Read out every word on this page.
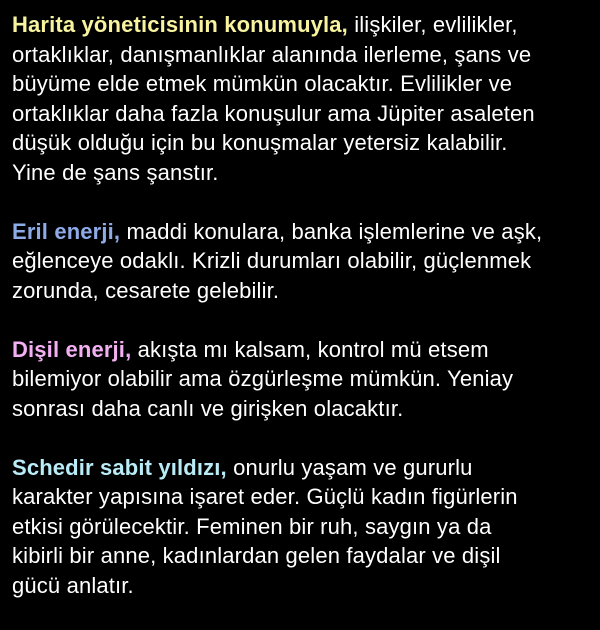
Harita yöneticisinin konumuyla, ilişkiler, evlilikler,
ortaklıklar, danışmanlıklar alanında ilerleme, şans ve
büyüme elde etmek mümkün olacaktır. Evlilikler ve
ortaklıklar daha fazla konuşulur ama Jüpiter asaleten
düşük olduğu için bu konuşmalar yetersiz kalabilir.
Yine de şans şanstır.

Eril enerji, maddi konulara, banka işlemlerine ve aşk,
eğlenceye odaklı. Krizli durumları olabilir, güçlenmek
zorunda, cesarete gelebilir.

Dişil enerji, akışta mı kalsam, kontrol mü etsem
bilemiyor olabilir ama özgürleşme mümkün. Yeniay
sonrası daha canlı ve girişken olacaktır.

Schedir sabit yıldızı, onurlu yaşam ve gururlu
karakter yapısına işaret eder. Güçlü kadın figürlerin
etkisi görülecektir. Feminen bir ruh, saygın ya da
kibirli bir anne, kadınlardan gelen faydalar ve dişil
gücü anlatır.
